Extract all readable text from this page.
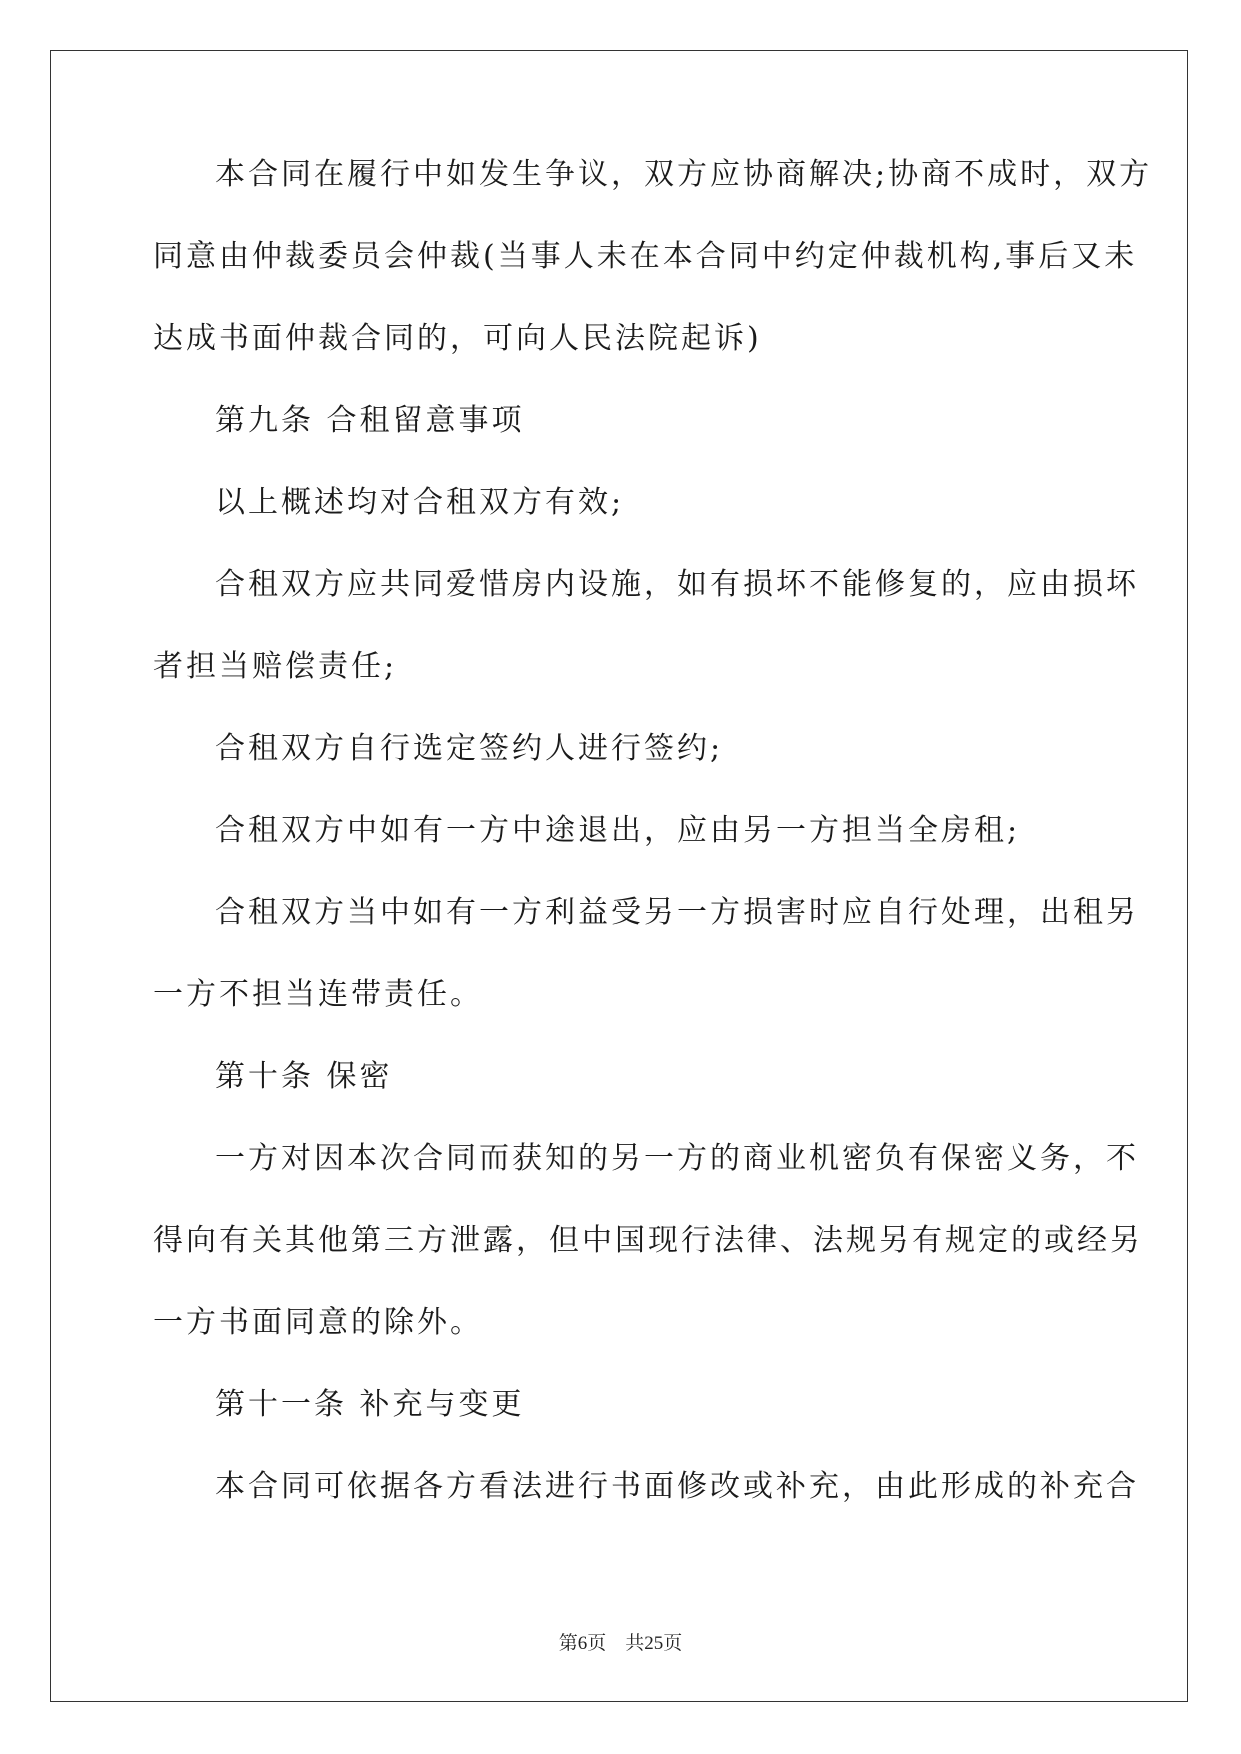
本合同在履行中如发生争议，双方应协商解决;协商不成时，双方
同意由仲裁委员会仲裁(当事人未在本合同中约定仲裁机构,事后又未
达成书面仲裁合同的，可向人民法院起诉)
第九条 合租留意事项
以上概述均对合租双方有效;
合租双方应共同爱惜房内设施，如有损坏不能修复的，应由损坏
者担当赔偿责任;
合租双方自行选定签约人进行签约;
合租双方中如有一方中途退出，应由另一方担当全房租;
合租双方当中如有一方利益受另一方损害时应自行处理，出租另
一方不担当连带责任。
第十条 保密
一方对因本次合同而获知的另一方的商业机密负有保密义务，不
得向有关其他第三方泄露，但中国现行法律、法规另有规定的或经另
一方书面同意的除外。
第十一条 补充与变更
本合同可依据各方看法进行书面修改或补充，由此形成的补充合
第6页 共25页
